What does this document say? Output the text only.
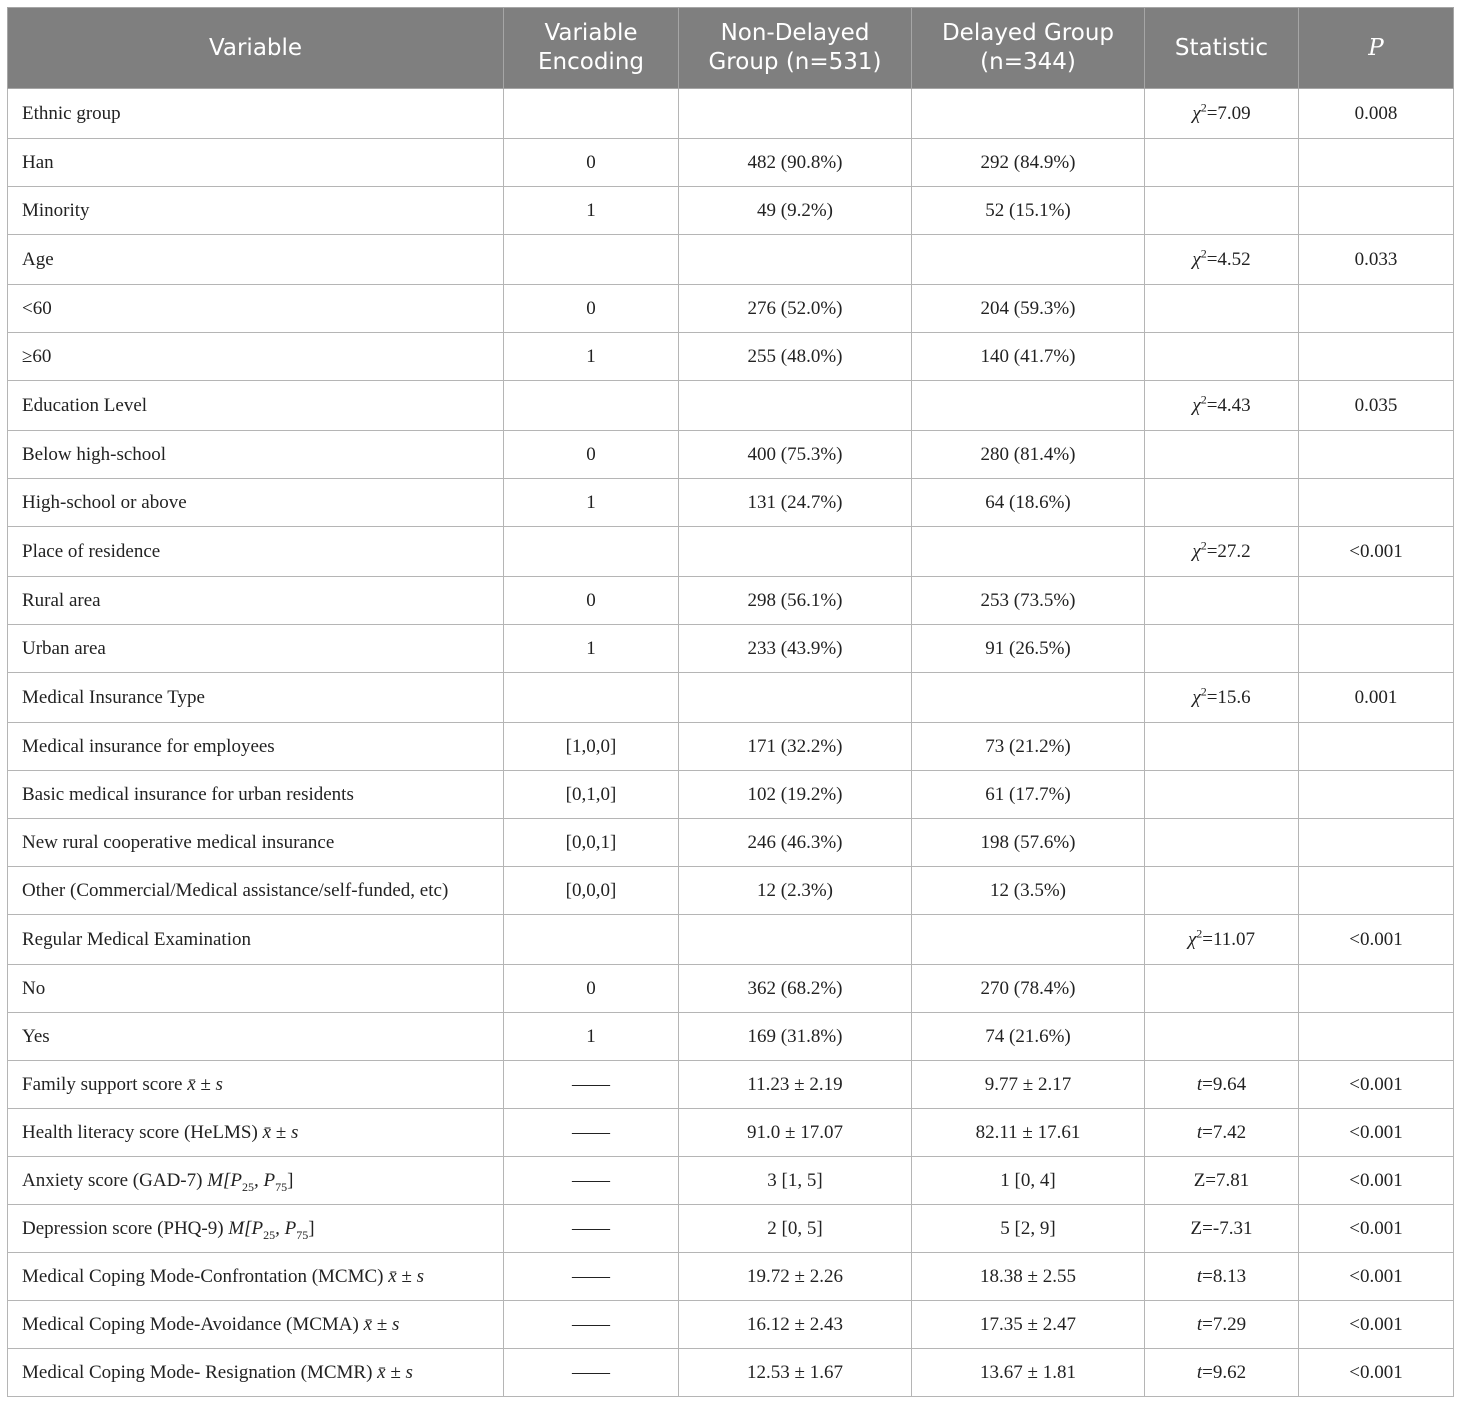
Variable	Variable Encoding	Non-Delayed Group (n=531)	Delayed Group (n=344)	Statistic	P
Ethnic group				$\chi^2=7.09$	0.008
Han	0	482 (90.8%)	292 (84.9%)		
Minority	1	49 (9.2%)	52 (15.1%)		
Age				$\chi^2=4.52$	0.033
<60	0	276 (52.0%)	204 (59.3%)		
≥60	1	255 (48.0%)	140 (41.7%)		
Education Level				$\chi^2=4.43$	0.035
Below high-school	0	400 (75.3%)	280 (81.4%)		
High-school or above	1	131 (24.7%)	64 (18.6%)		
Place of residence				$\chi^2=27.2$	<0.001
Rural area	0	298 (56.1%)	253 (73.5%)		
Urban area	1	233 (43.9%)	91 (26.5%)		
Medical Insurance Type				$\chi^2=15.6$	0.001
Medical insurance for employees	[1,0,0]	171 (32.2%)	73 (21.2%)		
Basic medical insurance for urban residents	[0,1,0]	102 (19.2%)	61 (17.7%)		
New rural cooperative medical insurance	[0,0,1]	246 (46.3%)	198 (57.6%)		
Other (Commercial/Medical assistance/self-funded, etc)	[0,0,0]	12 (2.3%)	12 (3.5%)		
Regular Medical Examination				$\chi^2=11.07$	<0.001
No	0	362 (68.2%)	270 (78.4%)		
Yes	1	169 (31.8%)	74 (21.6%)		
Family support score x̄ ± s	——	11.23 ± 2.19	9.77 ± 2.17	t=9.64	<0.001
Health literacy score (HeLMS) x̄ ± s	——	91.0 ± 17.07	82.11 ± 17.61	t=7.42	<0.001
Anxiety score (GAD-7) $M[P_{25}$, $P_{75}$]	——	3 [1, 5]	1 [0, 4]	Z=7.81	<0.001
Depression score (PHQ-9) $M[P_{25}$, $P_{75}$]	——	2 [0, 5]	5 [2, 9]	Z=-7.31	<0.001
Medical Coping Mode-Confrontation (MCMC) x̄ ± s	——	19.72 ± 2.26	18.38 ± 2.55	t=8.13	<0.001
Medical Coping Mode-Avoidance (MCMA) x̄ ± s	——	16.12 ± 2.43	17.35 ± 2.47	t=7.29	<0.001
Medical Coping Mode- Resignation (MCMR) x̄ ± s	——	12.53 ± 1.67	13.67 ± 1.81	t=9.62	<0.001
